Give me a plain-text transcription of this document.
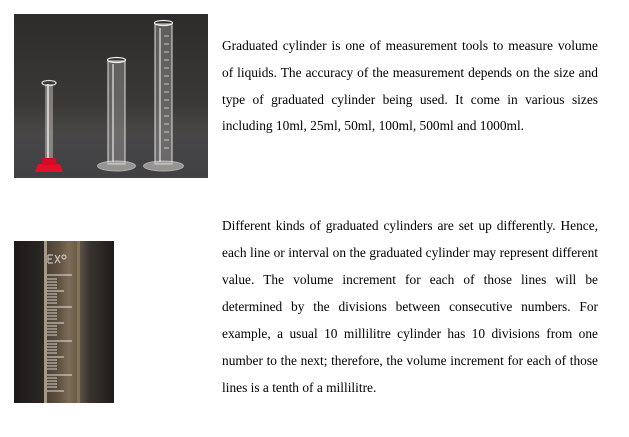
Graduated cylinder is one of measurement tools to measure volume of liquids. The accuracy of the measurement depends on the size and type of graduated cylinder being used. It come in various sizes including 10ml, 25ml, 50ml, 100ml, 500ml and 1000ml.

Different kinds of graduated cylinders are set up differently. Hence, each line or interval on the graduated cylinder may represent different value. The volume increment for each of those lines will be determined by the divisions between consecutive numbers. For example, a usual 10 millilitre cylinder has 10 divisions from one number to the next; therefore, the volume increment for each of those lines is a tenth of a millilitre.
